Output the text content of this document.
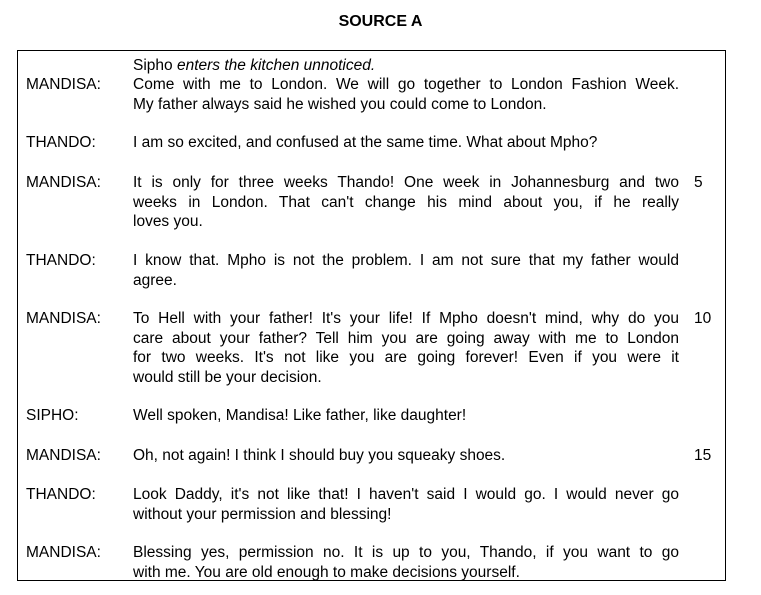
SOURCE A
Sipho enters the kitchen unnoticed.
MANDISA: Come with me to London. We will go together to London Fashion Week.
My father always said he wished you could come to London.
THANDO: I am so excited, and confused at the same time. What about Mpho?
MANDISA: It is only for three weeks Thando! One week in Johannesburg and two
weeks in London. That can't change his mind about you, if he really
loves you.
5
THANDO: I know that. Mpho is not the problem. I am not sure that my father would
agree.
MANDISA: To Hell with your father! It's your life! If Mpho doesn't mind, why do you
care about your father? Tell him you are going away with me to London
for two weeks. It's not like you are going forever! Even if you were it
would still be your decision.
10
SIPHO:	Well spoken, Mandisa! Like father, like daughter!
MANDISA: Oh, not again! I think I should buy you squeaky shoes.	15
THANDO: Look Daddy, it's not like that! I haven't said I would go. I would never go
without your permission and blessing!
MANDISA: Blessing yes, permission no. It is up to you, Thando, if you want to go
with me. You are old enough to make decisions yourself.
